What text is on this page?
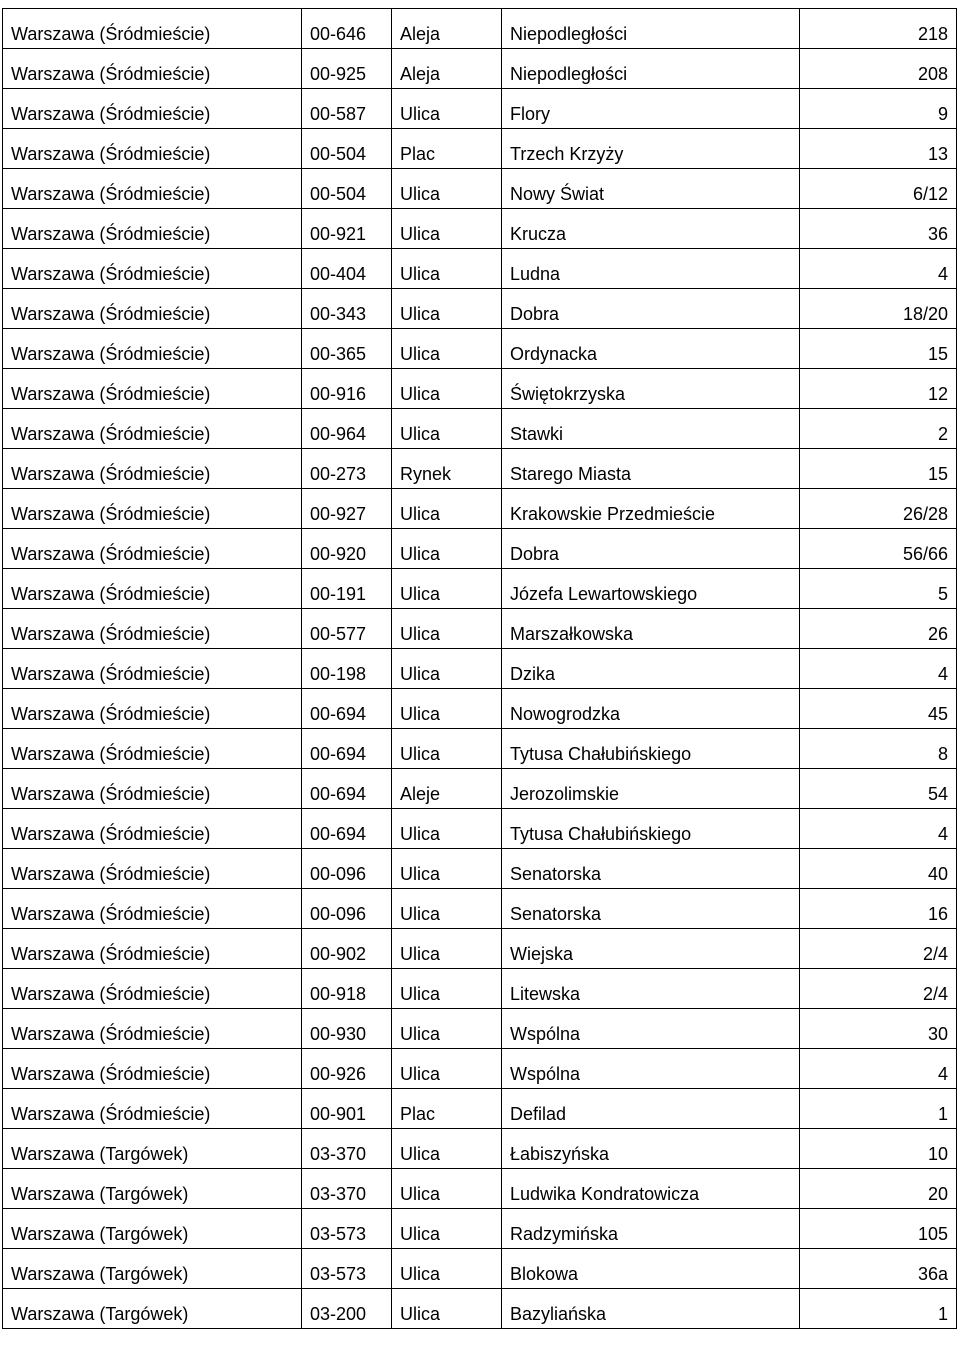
Warszawa (Śródmieście)	00-646	Aleja	Niepodległości	218
Warszawa (Śródmieście)	00-925	Aleja	Niepodległości	208
Warszawa (Śródmieście)	00-587	Ulica	Flory	9
Warszawa (Śródmieście)	00-504	Plac	Trzech Krzyży	13
Warszawa (Śródmieście)	00-504	Ulica	Nowy Świat	6/12
Warszawa (Śródmieście)	00-921	Ulica	Krucza	36
Warszawa (Śródmieście)	00-404	Ulica	Ludna	4
Warszawa (Śródmieście)	00-343	Ulica	Dobra	18/20
Warszawa (Śródmieście)	00-365	Ulica	Ordynacka	15
Warszawa (Śródmieście)	00-916	Ulica	Świętokrzyska	12
Warszawa (Śródmieście)	00-964	Ulica	Stawki	2
Warszawa (Śródmieście)	00-273	Rynek	Starego Miasta	15
Warszawa (Śródmieście)	00-927	Ulica	Krakowskie Przedmieście	26/28
Warszawa (Śródmieście)	00-920	Ulica	Dobra	56/66
Warszawa (Śródmieście)	00-191	Ulica	Józefa Lewartowskiego	5
Warszawa (Śródmieście)	00-577	Ulica	Marszałkowska	26
Warszawa (Śródmieście)	00-198	Ulica	Dzika	4
Warszawa (Śródmieście)	00-694	Ulica	Nowogrodzka	45
Warszawa (Śródmieście)	00-694	Ulica	Tytusa Chałubińskiego	8
Warszawa (Śródmieście)	00-694	Aleje	Jerozolimskie	54
Warszawa (Śródmieście)	00-694	Ulica	Tytusa Chałubińskiego	4
Warszawa (Śródmieście)	00-096	Ulica	Senatorska	40
Warszawa (Śródmieście)	00-096	Ulica	Senatorska	16
Warszawa (Śródmieście)	00-902	Ulica	Wiejska	2/4
Warszawa (Śródmieście)	00-918	Ulica	Litewska	2/4
Warszawa (Śródmieście)	00-930	Ulica	Wspólna	30
Warszawa (Śródmieście)	00-926	Ulica	Wspólna	4
Warszawa (Śródmieście)	00-901	Plac	Defilad	1
Warszawa (Targówek)	03-370	Ulica	Łabiszyńska	10
Warszawa (Targówek)	03-370	Ulica	Ludwika Kondratowicza	20
Warszawa (Targówek)	03-573	Ulica	Radzymińska	105
Warszawa (Targówek)	03-573	Ulica	Blokowa	36a
Warszawa (Targówek)	03-200	Ulica	Bazyliańska	1
